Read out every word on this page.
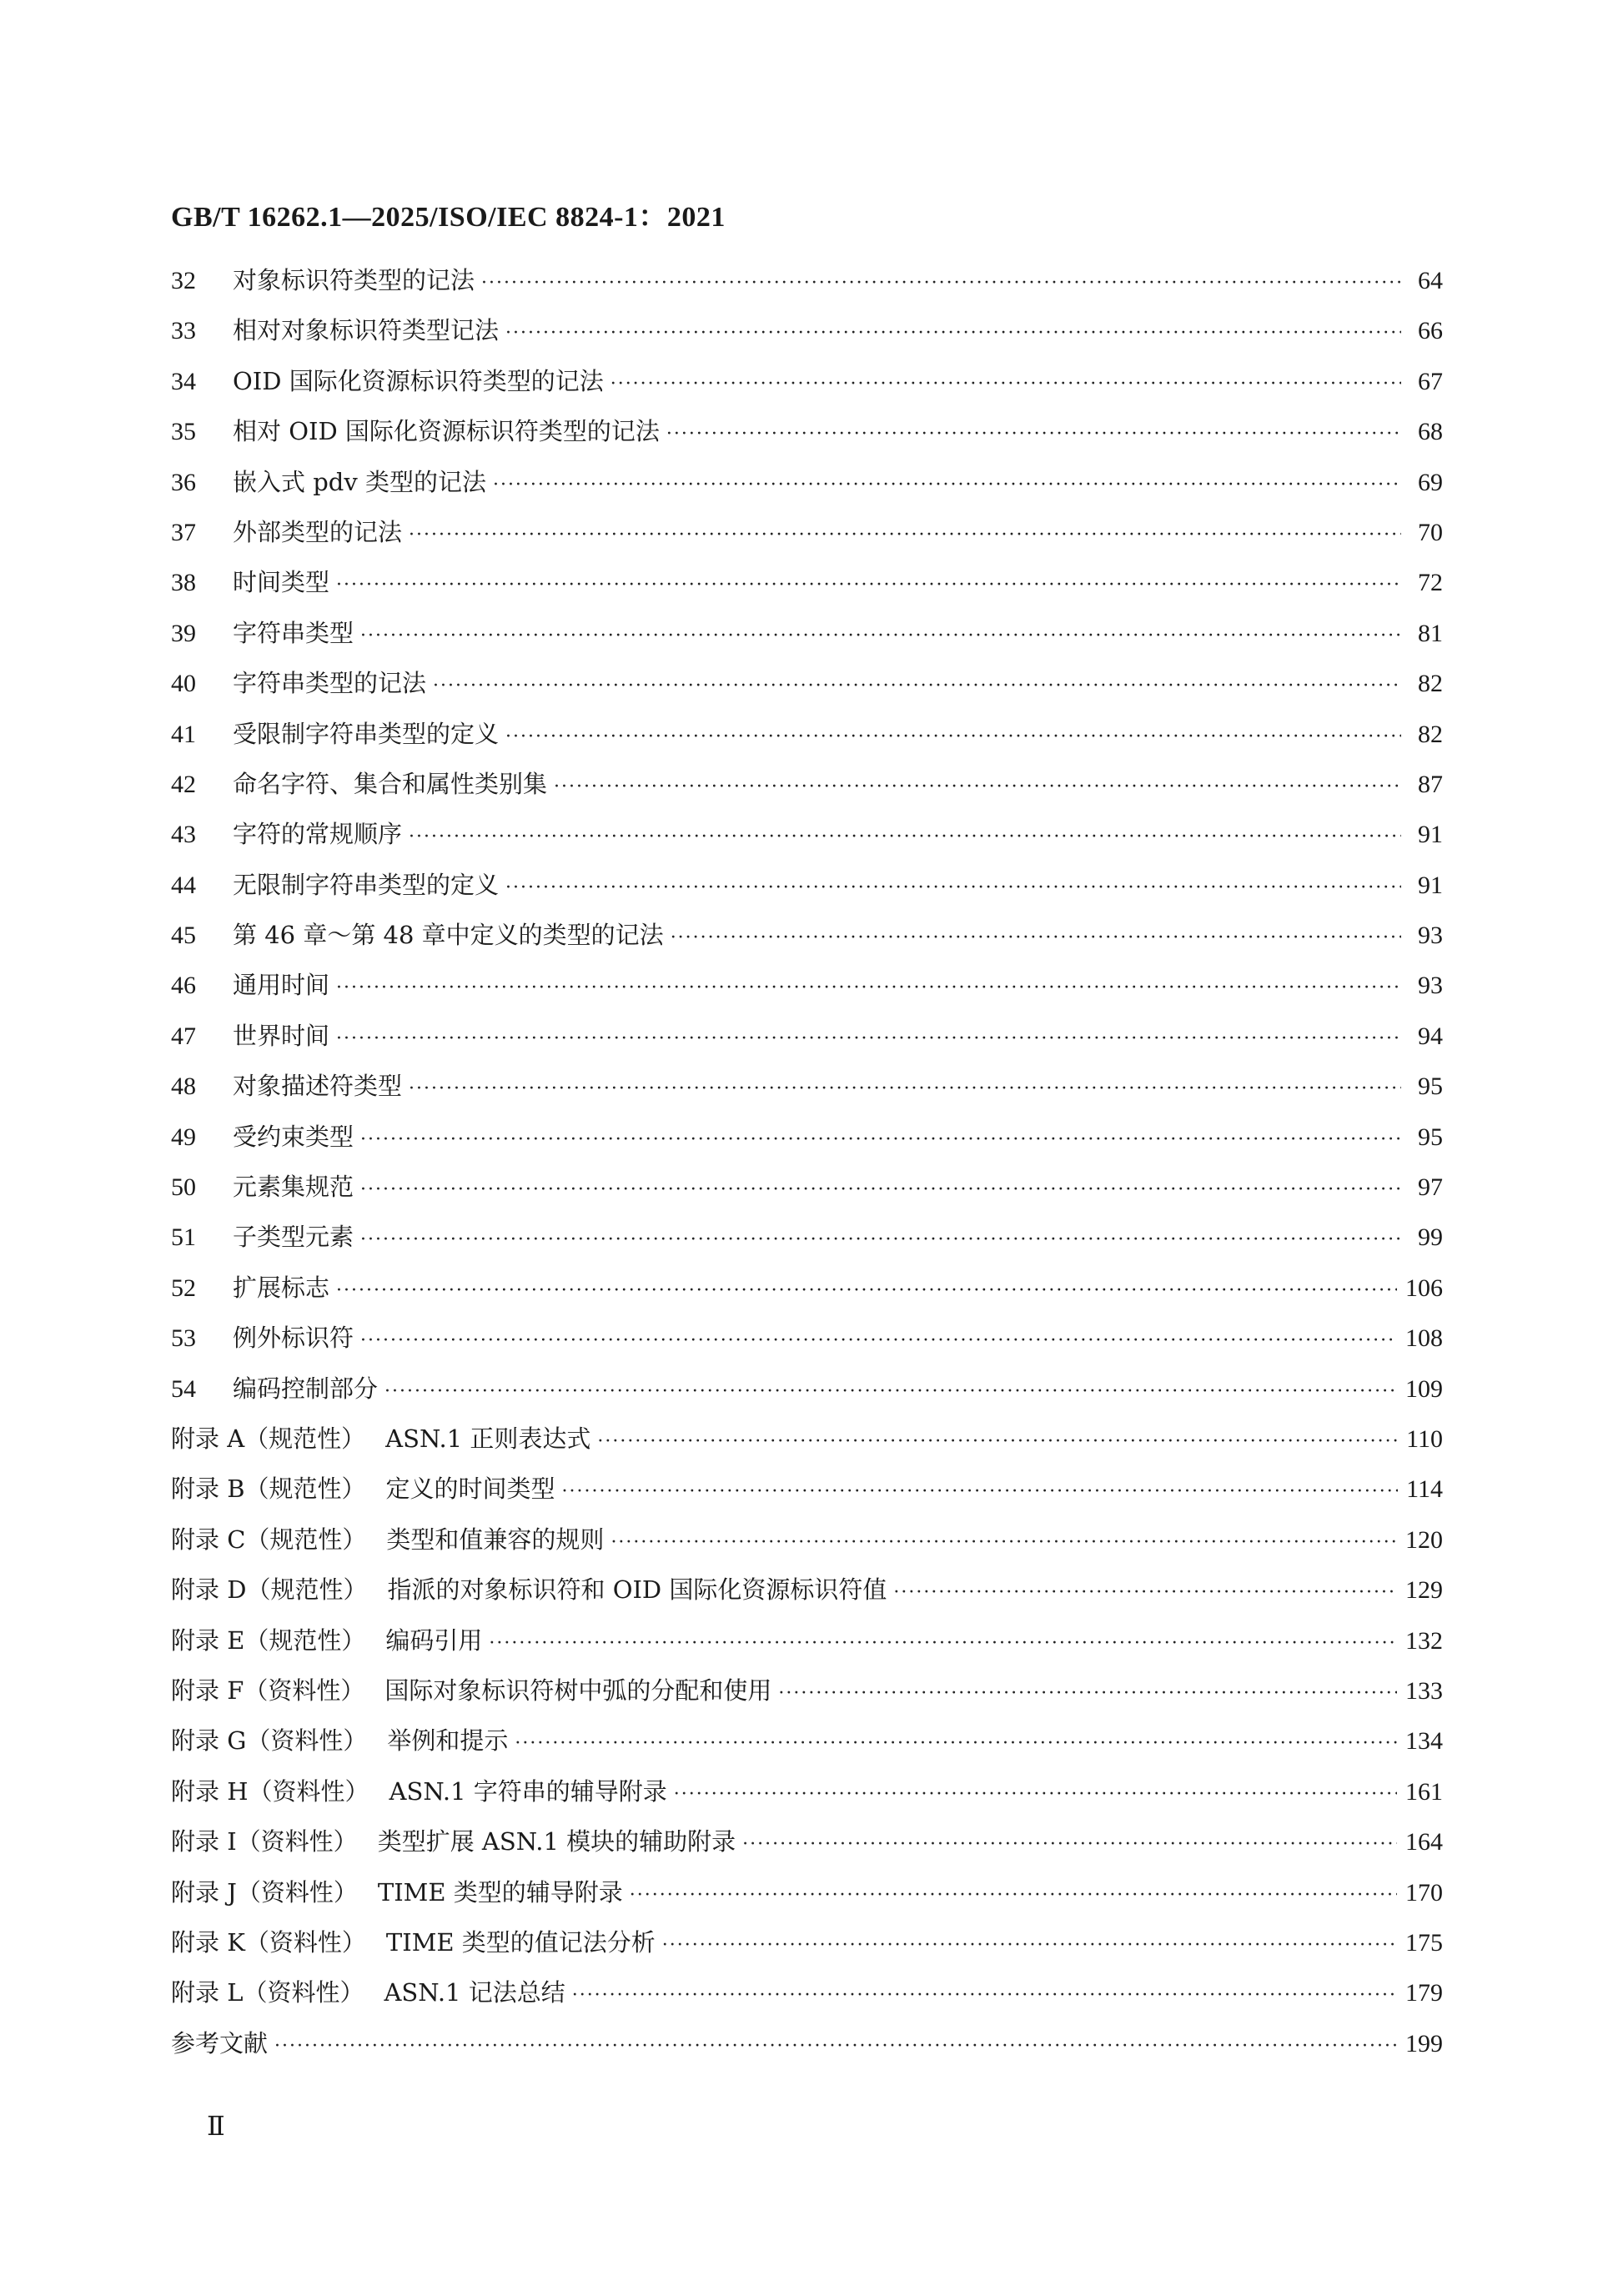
GB/T 16262.1—2025/ISO/IEC 8824-1：2021
32	对象标识符类型的记法 ·····	64
33	相对对象标识符类型记法 ·····	66
34	OID 国际化资源标识符类型的记法 ·····	67
35	相对 OID 国际化资源标识符类型的记法 ·····	68
36	嵌入式 pdv 类型的记法 ·····	69
37	外部类型的记法 ·····	70
38	时间类型 ·····	72
39	字符串类型 ·····	81
40	字符串类型的记法 ·····	82
41	受限制字符串类型的定义 ·····	82
42	命名字符、集合和属性类别集 ·····	87
43	字符的常规顺序 ·····	91
44	无限制字符串类型的定义 ·····	91
45	第 46 章～第 48 章中定义的类型的记法 ·····	93
46	通用时间 ·····	93
47	世界时间 ·····	94
48	对象描述符类型 ·····	95
49	受约束类型 ·····	95
50	元素集规范 ·····	97
51	子类型元素 ·····	99
52	扩展标志 ·····	106
53	例外标识符 ·····	108
54	编码控制部分 ·····	109
附录 A（规范性） ASN.1 正则表达式 ·····	110
附录 B（规范性） 定义的时间类型 ·····	114
附录 C（规范性） 类型和值兼容的规则 ·····	120
附录 D（规范性） 指派的对象标识符和 OID 国际化资源标识符值 ·····	129
附录 E（规范性） 编码引用 ·····	132
附录 F（资料性） 国际对象标识符树中弧的分配和使用 ·····	133
附录 G（资料性） 举例和提示 ·····	134
附录 H（资料性） ASN.1 字符串的辅导附录 ·····	161
附录 I（资料性） 类型扩展 ASN.1 模块的辅助附录 ·····	164
附录 J（资料性） TIME 类型的辅导附录 ·····	170
附录 K（资料性） TIME 类型的值记法分析 ·····	175
附录 L（资料性） ASN.1 记法总结 ·····	179
参考文献 ·····	199
Ⅱ
